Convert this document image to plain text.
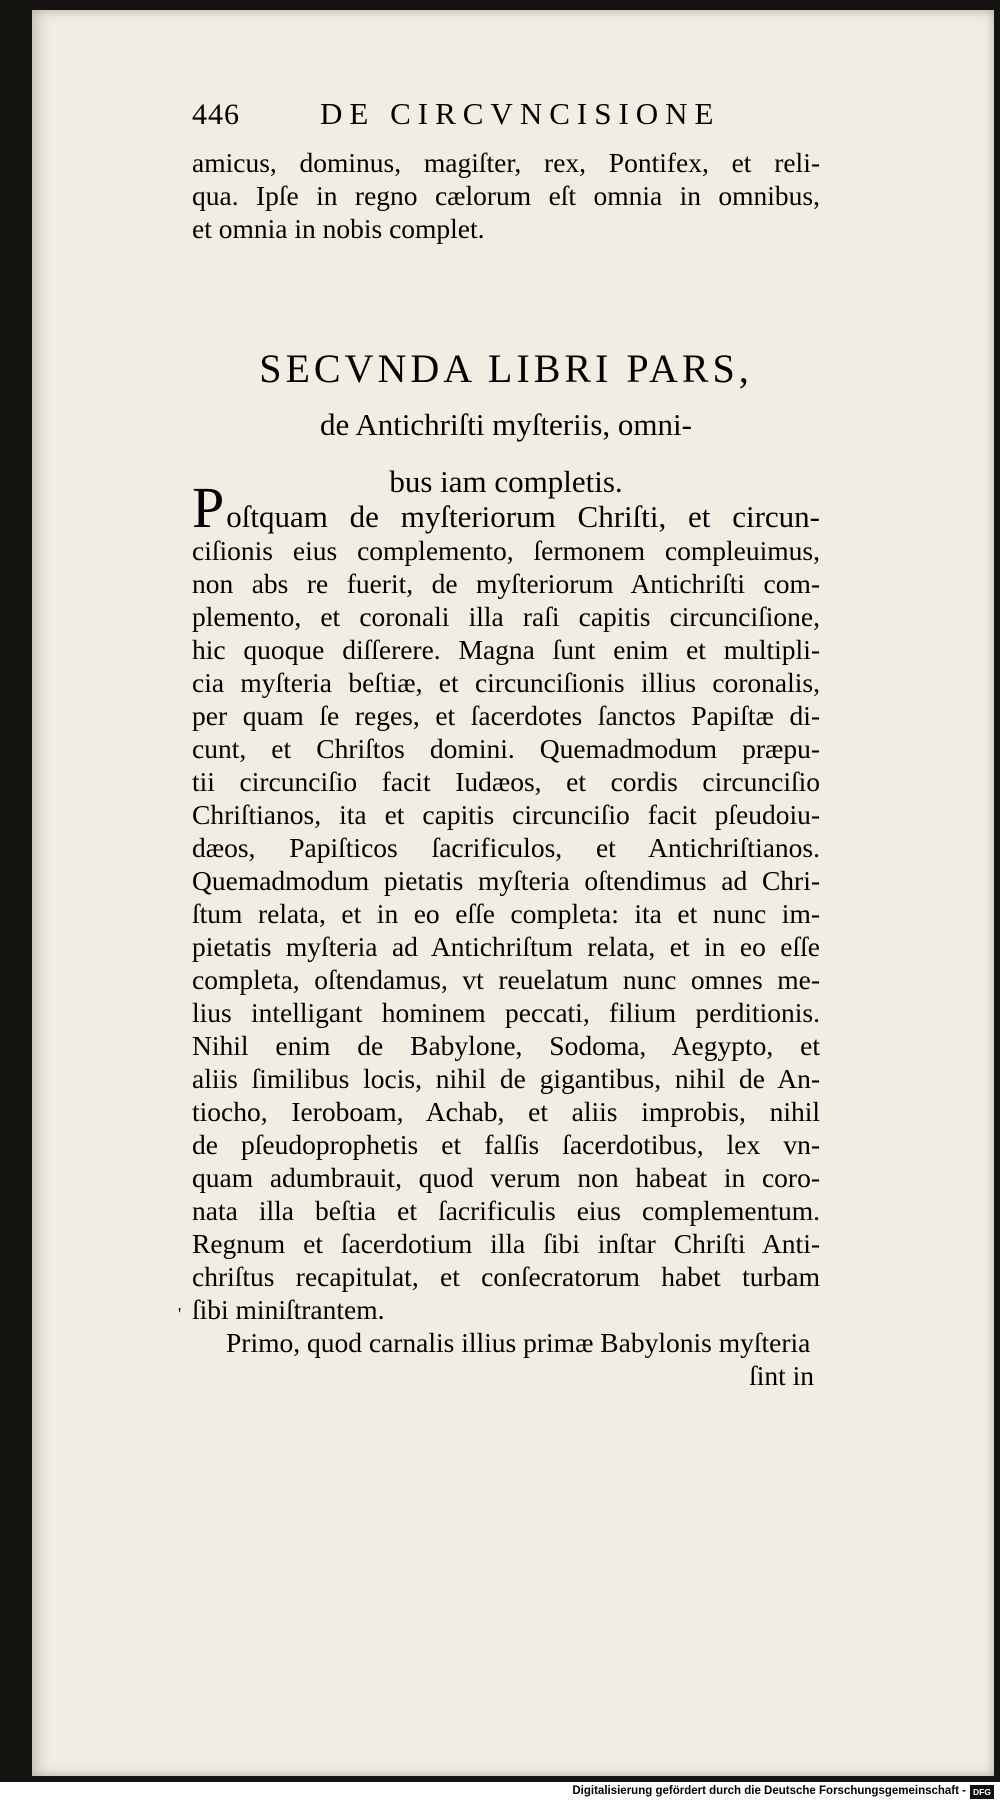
446	DE CIRCVNCISIONE
amicus, dominus, magiſter, rex, Pontifex, et reli-
qua. Ipſe in regno cælorum eſt omnia in omnibus,
et omnia in nobis complet.
SECVNDA LIBRI PARS,
de Antichriſti myſteriis, omni-
bus iam completis.
Poſtquam de myſteriorum Chriſti, et circun-
ciſionis eius complemento, ſermonem compleuimus,
non abs re fuerit, de myſteriorum Antichriſti com-
plemento, et coronali illa raſi capitis circunciſione,
hic quoque diſſerere. Magna ſunt enim et multipli-
cia myſteria beſtiæ, et circunciſionis illius coronalis,
per quam ſe reges, et ſacerdotes ſanctos Papiſtæ di-
cunt, et Chriſtos domini. Quemadmodum præpu-
tii circunciſio facit Iudæos, et cordis circunciſio
Chriſtianos, ita et capitis circunciſio facit pſeudoiu-
dæos, Papiſticos ſacrificulos, et Antichriſtianos.
Quemadmodum pietatis myſteria oſtendimus ad Chri-
ſtum relata, et in eo eſſe completa: ita et nunc im-
pietatis myſteria ad Antichriſtum relata, et in eo eſſe
completa, oſtendamus, vt reuelatum nunc omnes me-
lius intelligant hominem peccati, filium perditionis.
Nihil enim de Babylone, Sodoma, Aegypto, et
aliis ſimilibus locis, nihil de gigantibus, nihil de An-
tiocho, Ieroboam, Achab, et aliis improbis, nihil
de pſeudoprophetis et falſis ſacerdotibus, lex vn-
quam adumbrauit, quod verum non habeat in coro-
nata illa beſtia et ſacrificulis eius complementum.
Regnum et ſacerdotium illa ſibi inſtar Chriſti Anti-
chriſtus recapitulat, et conſecratorum habet turbam
ſibi miniſtrantem.
Primo, quod carnalis illius primæ Babylonis myſteria
ſint in
'
Digitalisierung gefördert durch die Deutsche Forschungsgemeinschaft - DFG
